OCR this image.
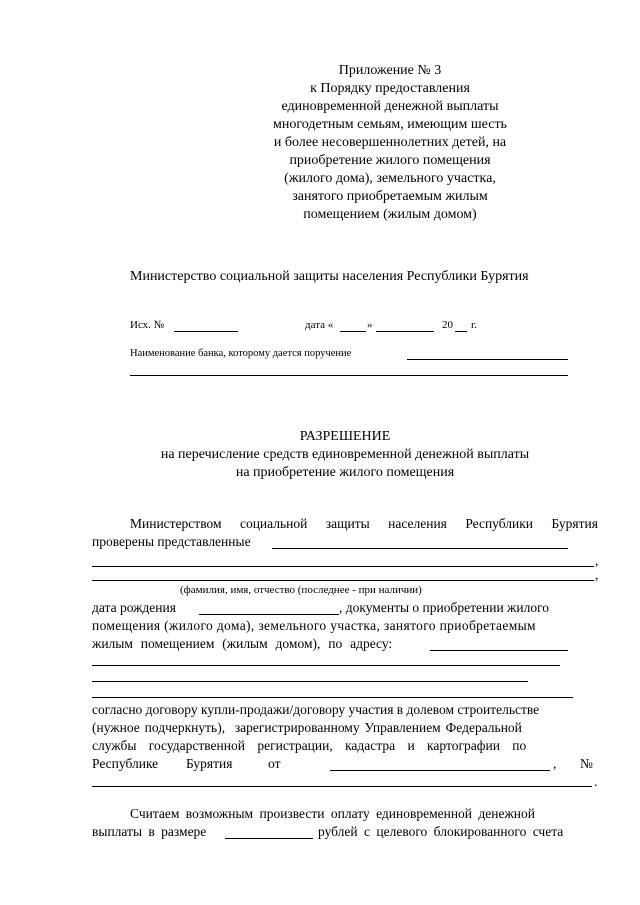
Приложение № 3
к Порядку предоставления
единовременной денежной выплаты
многодетным семьям, имеющим шесть
и более несовершеннолетних детей, на
приобретение жилого помещения
(жилого дома), земельного участка,
занятого приобретаемым жилым
помещением (жилым домом)
Министерство социальной защиты населения Республики Бурятия
Исх. №	дата «	»	20 г.
Наименование банка, которому дается поручение
РАЗРЕШЕНИЕ
на перечисление средств единовременной денежной выплаты
на приобретение жилого помещения
Министерством социальной защиты населения Республики Бурятия
проверены представленные
,
,
(фамилия, имя, отчество (последнее - при наличии)
дата рождения	, документы о приобретении жилого
помещения (жилого дома), земельного участка, занятого приобретаемым
жилым помещением (жилым домом), по адресу:
согласно договору купли-продажи/договору участия в долевом строительстве
(нужное подчеркнуть),  зарегистрированному Управлением Федеральной
службы государственной регистрации, кадастра и картографии по
Республике Бурятия	от	, №
.
Считаем возможным произвести оплату единовременной денежной
выплаты в размере	рублей с целевого блокированного счета
